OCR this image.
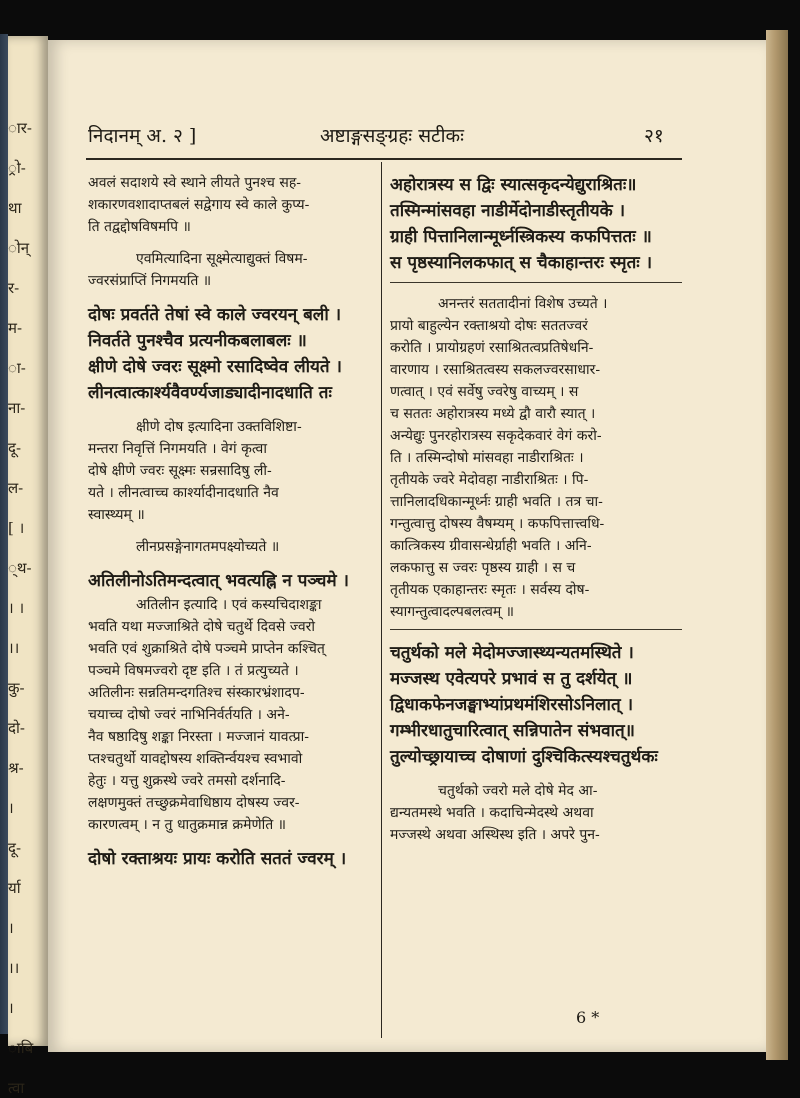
ार-
्रो-
था
ोन्
र-
म-
ा-
ना-
दू-
ल-
[ ।
्थ-
। ।
।।
कु-
दो-
श्र-
।
दू-
र्या
।
।।
।
ाबि
त्वा
निदानम् अ. २ ]	अष्टाङ्गसङ्ग्रहः सटीकः	२१
अवलं सदाशये स्वे स्थाने लीयते पुनश्च सह-
शकारणवशादाप्तबलं सद्वेगाय स्वे काले कुप्य-
ति तद्वद्दोषविषमपि ॥
एवमित्यादिना सूक्ष्मेत्याद्युक्तं विषम-
ज्वरसंप्राप्तिं निगमयति ॥
दोषः प्रवर्तते तेषां स्वे काले ज्वरयन् बली ।
निवर्तते पुनश्चैव प्रत्यनीकबलाबलः ॥
क्षीणे दोषे ज्वरः सूक्ष्मो रसादिष्वेव लीयते ।
लीनत्वात्कार्श्यवैवर्ण्यजाड्यादीनादधाति तः
क्षीणे दोष इत्यादिना उक्तविशिष्टा-
मन्तरा निवृत्तिं निगमयति । वेगं कृत्वा
दोषे क्षीणे ज्वरः सूक्ष्मः सन्रसादिषु ली-
यते । लीनत्वाच्च कार्श्यादीनादधाति नैव
स्वास्थ्यम् ॥
लीनप्रसङ्गेनागतमपक्ष्योच्यते ॥
अतिलीनोऽतिमन्दत्वात् भवत्यह्नि न पञ्चमे ।
अतिलीन इत्यादि । एवं कस्यचिदाशङ्का
भवति यथा मज्जाश्रिते दोषे चतुर्थे दिवसे ज्वरो
भवति एवं शुक्राश्रिते दोषे पञ्चमे प्राप्तेन कश्चित्
पञ्चमे विषमज्वरो दृष्ट इति । तं प्रत्युच्यते ।
अतिलीनः सन्नतिमन्दगतिश्च संस्कारभ्रंशादप-
चयाच्च दोषो ज्वरं नाभिनिर्वर्तयति । अने-
नैव षष्ठादिषु शङ्का निरस्ता । मज्जानं यावत्प्रा-
प्तश्चतुर्थो यावद्दोषस्य शक्तिर्न्वयश्च स्वभावो
हेतुः । यत्तु शुक्रस्थे ज्वरे तमसो दर्शनादि-
लक्षणमुक्तं तच्छुक्रमेवाधिष्ठाय दोषस्य ज्वर-
कारणत्वम् । न तु धातुक्रमान्न क्रमेणेति ॥
दोषो रक्ताश्रयः प्रायः करोति सततं ज्वरम् ।
अहोरात्रस्य स द्विः स्यात्सकृदन्येद्युराश्रितः॥
तस्मिन्मांसवहा नाडीर्मेदोनाडीस्तृतीयके ।
ग्राही पित्तानिलान्मूर्ध्नस्त्रिकस्य कफपित्ततः ॥
स पृष्ठस्यानिलकफात् स चैकाहान्तरः स्मृतः ।
अनन्तरं सततादीनां विशेष उच्यते ।
प्रायो बाहुल्येन रक्ताश्रयो दोषः सततज्वरं
करोति । प्रायोग्रहणं रसाश्रितत्वप्रतिषेधनि-
वारणाय । रसाश्रितत्वस्य सकलज्वरसाधार-
णत्वात् । एवं सर्वेषु ज्वरेषु वाच्यम् । स
च सततः अहोरात्रस्य मध्ये द्वौ वारौ स्यात् ।
अन्येद्युः पुनरहोरात्रस्य सकृदेकवारं वेगं करो-
ति । तस्मिन्दोषो मांसवहा नाडीराश्रितः ।
तृतीयके ज्वरे मेदोवहा नाडीराश्रितः । पि-
त्तानिलादधिकान्मूर्ध्नः ग्राही भवति । तत्र चा-
गन्तुत्वात्तु दोषस्य वैषम्यम् । कफपित्तात्त्वधि-
कात्त्रिकस्य ग्रीवासन्धेर्ग्राही भवति । अनि-
लकफात्तु स ज्वरः पृष्ठस्य ग्राही । स च
तृतीयक एकाहान्तरः स्मृतः । सर्वस्य दोष-
स्यागन्तुत्वादल्पबलत्वम् ॥
चतुर्थको मले मेदोमज्जास्थ्यन्यतमस्थिते ।
मज्जस्थ एवेत्यपरे प्रभावं स तु दर्शयेत् ॥
द्विधाकफेनजङ्घाभ्यांप्रथमंशिरसोऽनिलात् ।
गम्भीरधातुचारित्वात् सन्निपातेन संभवात्॥
तुल्योच्छ्रायाच्च दोषाणां दुश्चिकित्स्यश्चतुर्थकः
चतुर्थको ज्वरो मले दोषे मेद आ-
द्यन्यतमस्थे भवति । कदाचिन्मेदस्थे अथवा
मज्जस्थे अथवा अस्थिस्थ इति । अपरे पुन-
6 *
